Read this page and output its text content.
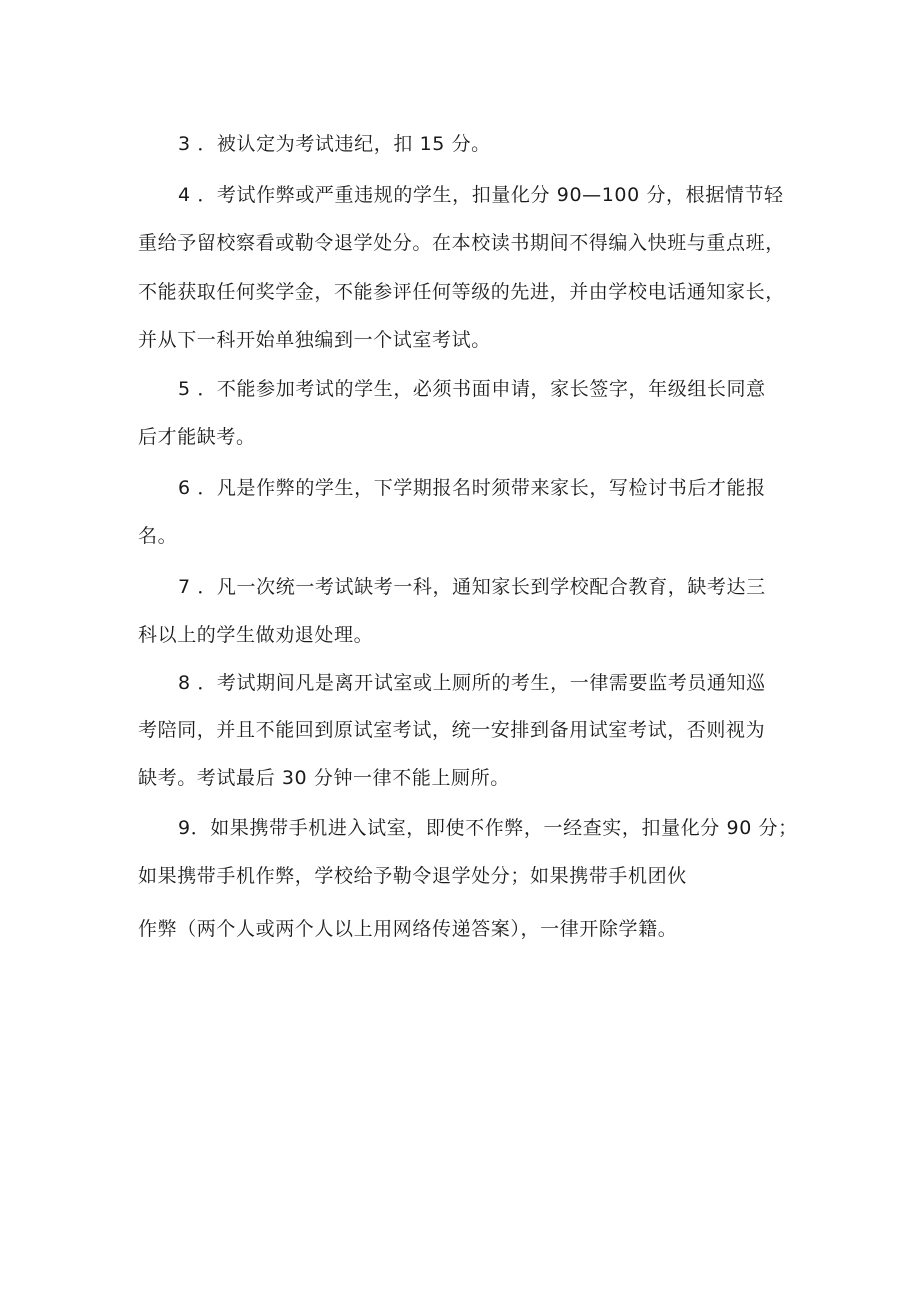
3 ．被认定为考试违纪，扣 15 分。
4 ．考试作弊或严重违规的学生，扣量化分 90—100 分，根据情节轻
重给予留校察看或勒令退学处分。在本校读书期间不得编入快班与重点班，
不能获取任何奖学金，不能参评任何等级的先进，并由学校电话通知家长，
并从下一科开始单独编到一个试室考试。
5 ．不能参加考试的学生，必须书面申请，家长签字，年级组长同意
后才能缺考。
6 ．凡是作弊的学生，下学期报名时须带来家长，写检讨书后才能报
名。
7 ．凡一次统一考试缺考一科，通知家长到学校配合教育，缺考达三
科以上的学生做劝退处理。
8 ．考试期间凡是离开试室或上厕所的考生，一律需要监考员通知巡
考陪同，并且不能回到原试室考试，统一安排到备用试室考试，否则视为
缺考。考试最后 30 分钟一律不能上厕所。
9．如果携带手机进入试室，即使不作弊，一经查实，扣量化分 90 分；
如果携带手机作弊，学校给予勒令退学处分；如果携带手机团伙
作弊（两个人或两个人以上用网络传递答案），一律开除学籍。
